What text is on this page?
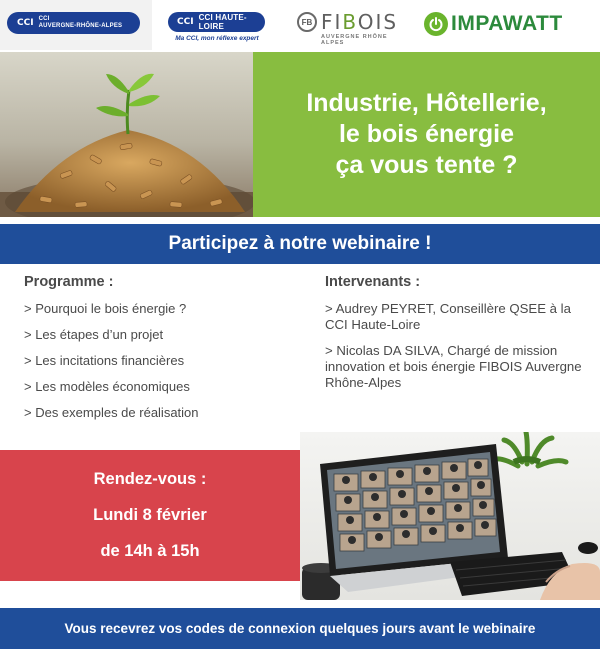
CCI CCI
AUVERGNE-RHÔNE-ALPES	CCI CCI HAUTE-LOIRE
Ma CCI, mon réflexe expert
FB FIBOIS
AUVERGNE RHÔNE ALPES
IMPAWATT
Industrie, Hôtellerie,
le bois énergie
ça vous tente ?
Participez à notre webinaire !
Programme :
> Pourquoi le bois énergie ?
> Les étapes d’un projet
> Les incitations financières
> Les modèles économiques
> Des exemples de réalisation
Intervenants :
> Audrey PEYRET, Conseillère QSEE à la CCI Haute-Loire
> Nicolas DA SILVA, Chargé de mission innovation et bois énergie FIBOIS Auvergne Rhône-Alpes
Rendez-vous :
Lundi 8 février
de 14h à 15h
Vous recevrez vos codes de connexion quelques jours avant le webinaire
